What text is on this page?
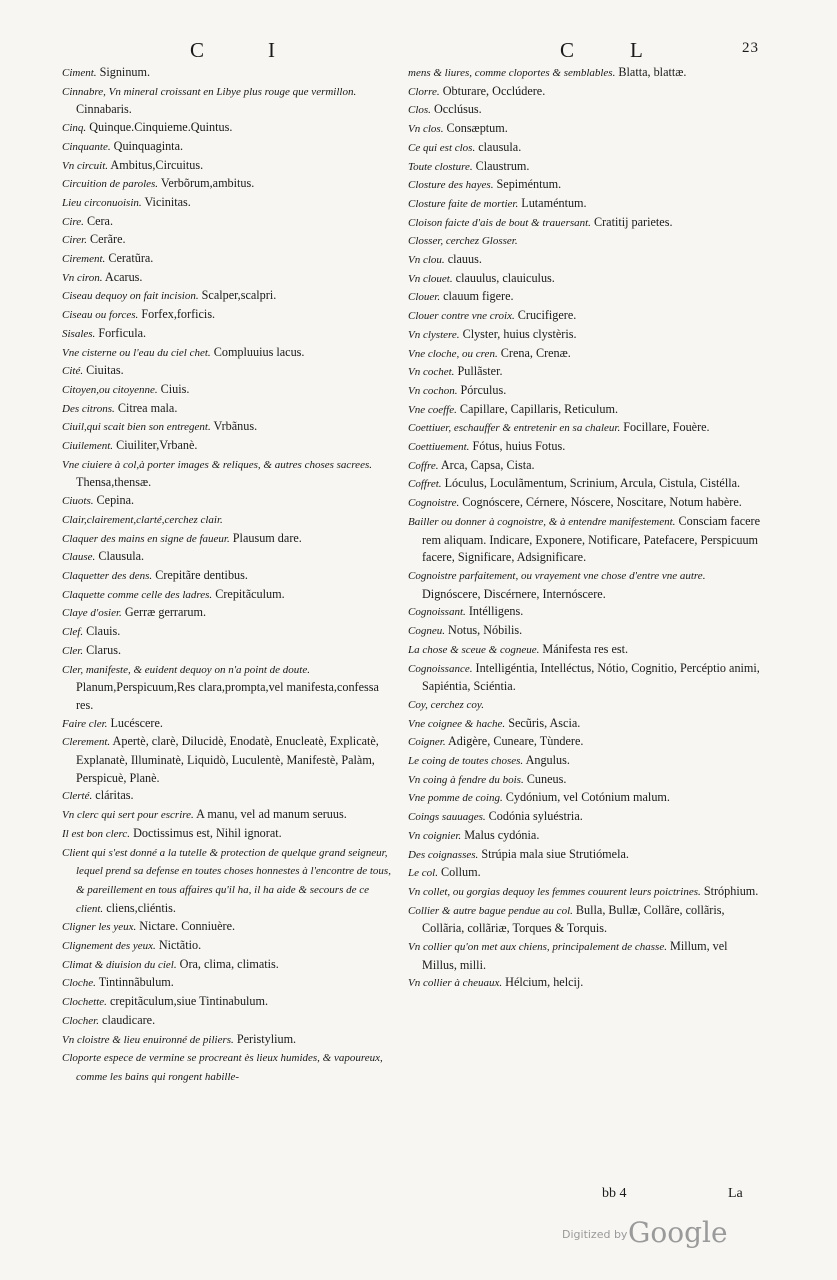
C	I	C	L	23

Ciment. Signinum.

Cinnabre, Vn mineral croissant en Libye plus rouge que vermillon. Cinnabaris.

Cinq. Quinque.Cinquieme.Quintus.

Cinquante. Quinquaginta.

Vn circuit. Ambitus,Circuitus.

Circuition de paroles. Verbõrum,ambitus.

Lieu circonuoisin. Vicinitas.

Cire. Cera.

Cirer. Cerãre.

Cirement. Ceratũra.

Vn ciron. Acarus.

Ciseau dequoy on fait incision. Scalper,scalpri.

Ciseau ou forces. Forfex,forficis.

Sisales. Forficula.

Vne cisterne ou l'eau du ciel chet. Compluuius lacus.

Cité. Ciuitas.

Citoyen,ou citoyenne. Ciuis.

Des citrons. Citrea mala.

Ciuil,qui scait bien son entregent. Vrbãnus.

Ciuilement. Ciuiliter,Vrbanè.

Vne ciuiere à col,à porter images & reliques, & autres choses sacrees. Thensa,thensæ.

Ciuots. Cepina.

Clair,clairement,clarté,cerchez clair.

Claquer des mains en signe de faueur. Plausum dare.

Clause. Clausula.

Claquetter des dens. Crepitãre dentibus.

Claquette comme celle des ladres. Crepitãculum.

Claye d'osier. Gerræ gerrarum.

Clef. Clauis.

Cler. Clarus.

Cler, manifeste, & euident dequoy on n'a point de doute. Planum,Perspicuum,Res clara,prompta,vel manifesta,confessa res.

Faire cler. Lucéscere.

Clerement. Apertè, clarè, Dilucidè, Enodatè, Enucleatè, Explicatè, Explanatè, Illuminatè, Liquidò, Luculentè, Manifestè, Palàm, Perspicuè, Planè.

Clerté. cláritas.

Vn clerc qui sert pour escrire. A manu, vel ad manum seruus.

Il est bon clerc. Doctissimus est, Nihil ignorat.

Client qui s'est donné a la tutelle & protection de quelque grand seigneur, lequel prend sa defense en toutes choses honnestes à l'encontre de tous, & pareillement en tous affaires qu'il ha, il ha aide & secours de ce client. cliens,cliéntis.

Cligner les yeux. Nictare. Conniuère.

Clignement des yeux. Nictãtio.

Climat & diuision du ciel. Ora, clima, climatis.

Cloche. Tintinnãbulum.

Clochette. crepitãculum,siue Tintinabulum.

Clocher. claudicare.

Vn cloistre & lieu enuironné de piliers. Peristylium.

Cloporte espece de vermine se procreant ès lieux humides, & vapoureux, comme les bains qui rongent habille-

mens & liures, comme cloportes & semblables. Blatta, blattæ.

Clorre. Obturare, Occlúdere.

Clos. Occlúsus.

Vn clos. Consæptum.

Ce qui est clos. clausula.

Toute closture. Claustrum.

Closture des hayes. Sepiméntum.

Closture faite de mortier. Lutaméntum.

Cloison faicte d'ais de bout & trauersant. Cratitij parietes.

Closser, cerchez Glosser.

Vn clou. clauus.

Vn clouet. clauulus, clauiculus.

Clouer. clauum figere.

Clouer contre vne croix. Crucifigere.

Vn clystere. Clyster, huius clystèris.

Vne cloche, ou cren. Crena, Crenæ.

Vn cochet. Pullãster.

Vn cochon. Pórculus.

Vne coeffe. Capillare, Capillaris, Reticulum.

Coettiuer, eschauffer & entretenir en sa chaleur. Focillare, Fouère.

Coettiuement. Fótus, huius Fotus.

Coffre. Arca, Capsa, Cista.

Coffret. Lóculus, Loculãmentum, Scrinium, Arcula, Cistula, Cistélla.

Cognoistre. Cognóscere, Cérnere, Nóscere, Noscitare, Notum habère.

Bailler ou donner à cognoistre, & à entendre manifestement. Consciam facere rem aliquam. Indicare, Exponere, Notificare, Patefacere, Perspicuum facere, Significare, Adsignificare.

Cognoistre parfaitement, ou vrayement vne chose d'entre vne autre. Dignóscere, Discérnere, Internóscere.

Cognoissant. Intélligens.

Cogneu. Notus, Nóbilis.

La chose & sceue & cogneue. Mánifesta res est.

Cognoissance. Intelligéntia, Intelléctus, Nótio, Cognitio, Percéptio animi, Sapiéntia, Sciéntia.

Coy, cerchez coy.

Vne coignee & hache. Secũris, Ascia.

Coigner. Adigère, Cuneare, Tùndere.

Le coing de toutes choses. Angulus.

Vn coing à fendre du bois. Cuneus.

Vne pomme de coing. Cydónium, vel Cotónium malum.

Coings sauuages. Codónia syluéstria.

Vn coignier. Malus cydónia.

Des coignasses. Strúpia mala siue Strutiómela.

Le col. Collum.

Vn collet, ou gorgias dequoy les femmes couurent leurs poictrines. Stróphium.

Collier & autre bague pendue au col. Bulla, Bullæ, Collãre, collãris, Collãria, collãriæ, Torques & Torquis.

Vn collier qu'on met aux chiens, principalement de chasse. Millum, vel Millus, milli.

Vn collier à cheuaux. Hélcium, helcij.

bb 4	La
Digitized by Google
